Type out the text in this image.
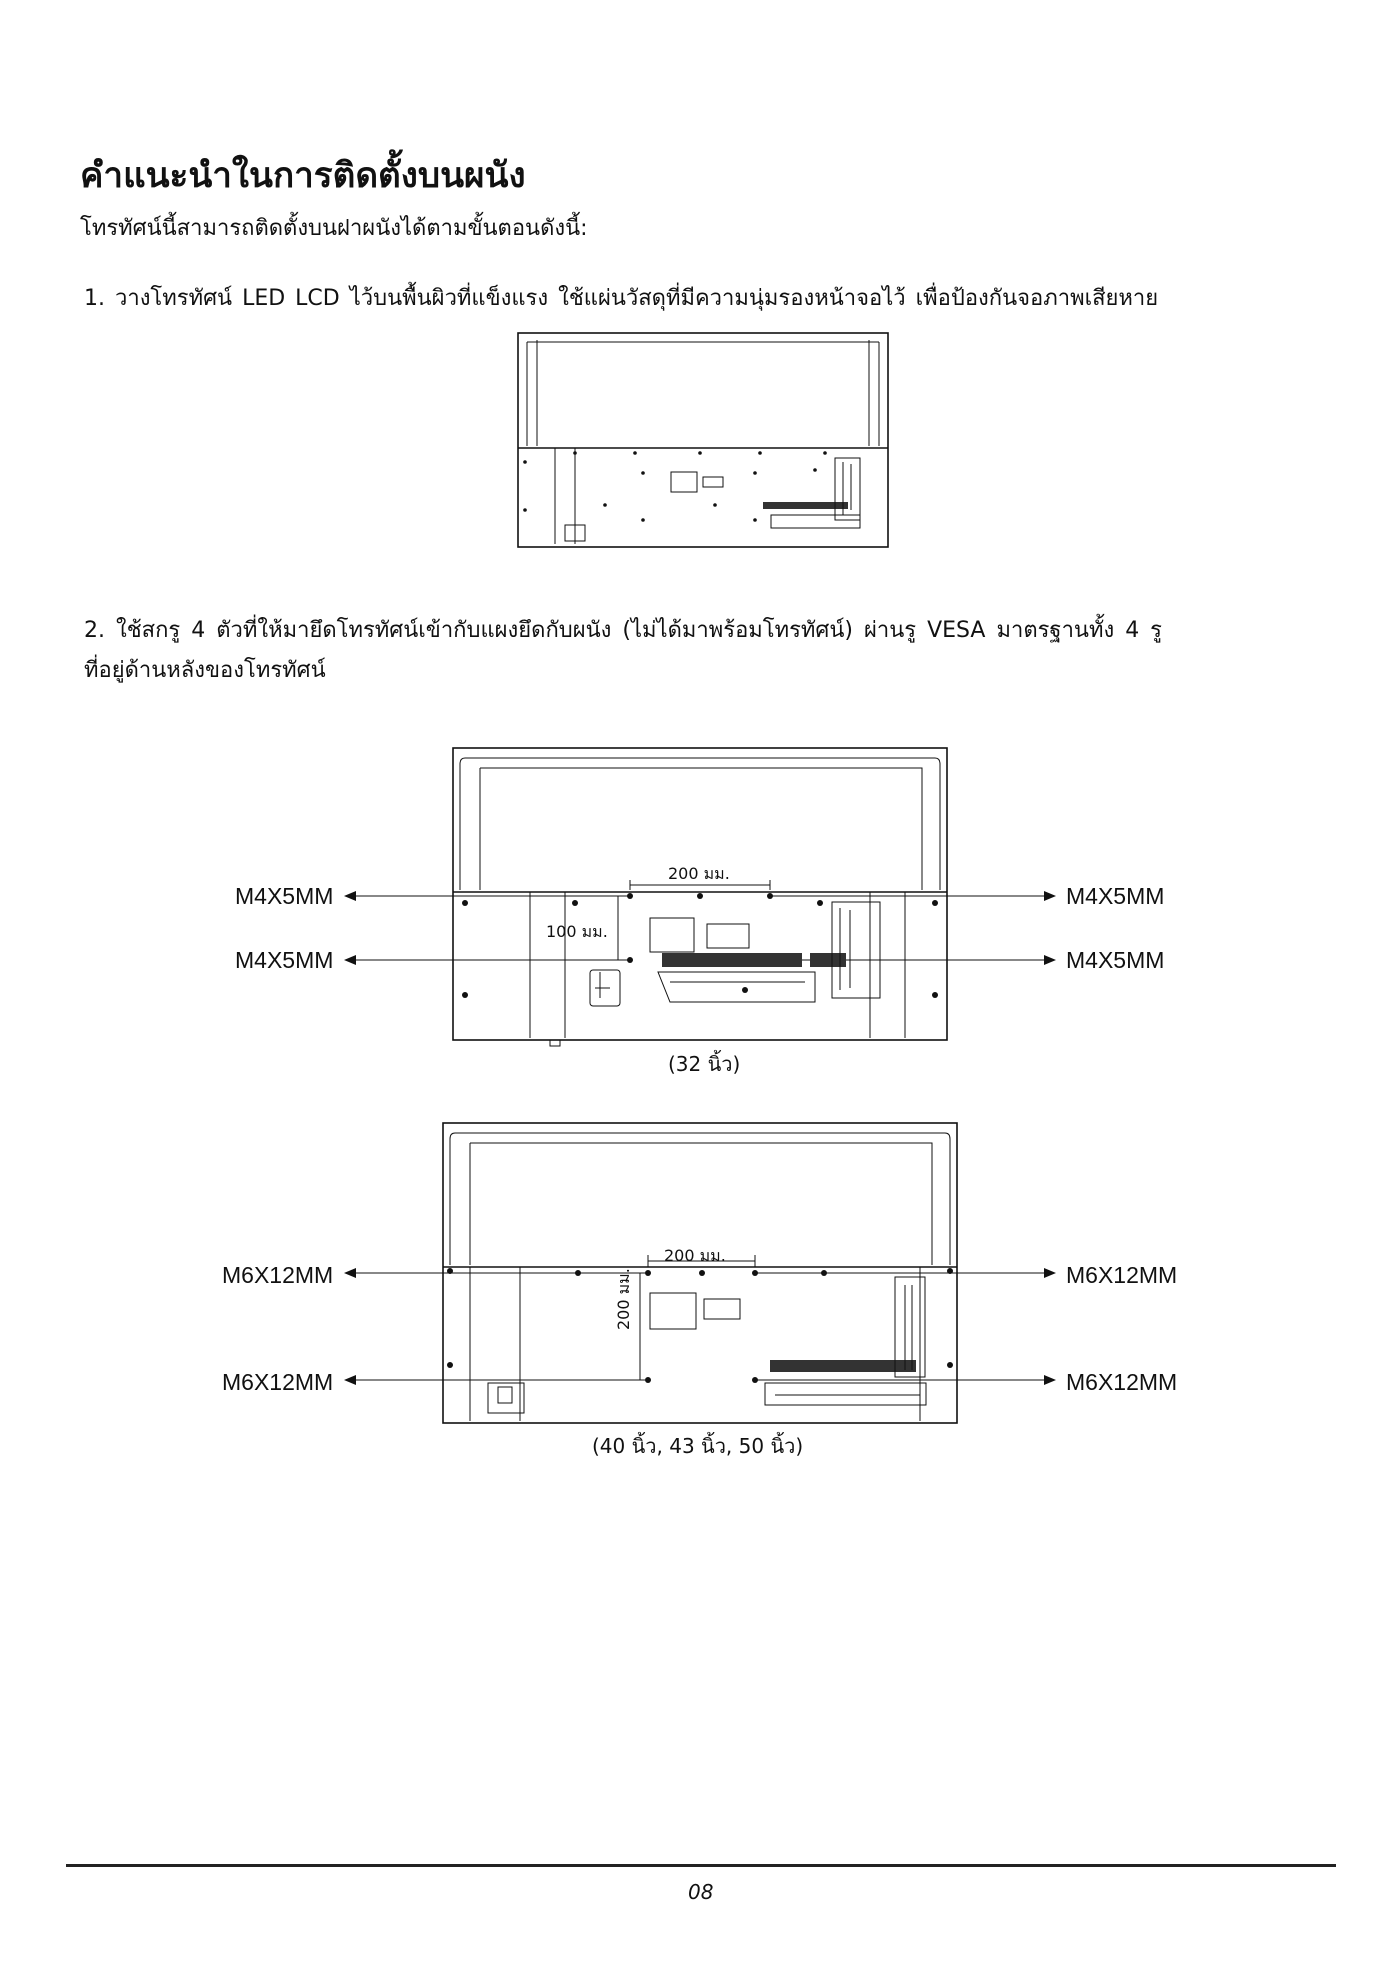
คำแนะนำในการติดตั้งบนผนัง
โทรทัศน์นี้สามารถติดตั้งบนฝาผนังได้ตามขั้นตอนดังนี้:
1. วางโทรทัศน์ LED LCD ไว้บนพื้นผิวที่แข็งแรง ใช้แผ่นวัสดุที่มีความนุ่มรองหน้าจอไว้ เพื่อป้องกันจอภาพเสียหาย
2. ใช้สกรู 4 ตัวที่ให้มายึดโทรทัศน์เข้ากับแผงยึดกับผนัง (ไม่ได้มาพร้อมโทรทัศน์) ผ่านรู VESA มาตรฐานทั้ง 4 รู
ที่อยู่ด้านหลังของโทรทัศน์
M4X5MM	M4X5MM
M4X5MM	M4X5MM
200 มม.
100 มม.
(32 นิ้ว)
M6X12MM	M6X12MM
M6X12MM	M6X12MM
200 มม.
200 มม.
(40 นิ้ว, 43 นิ้ว, 50 นิ้ว)
08
